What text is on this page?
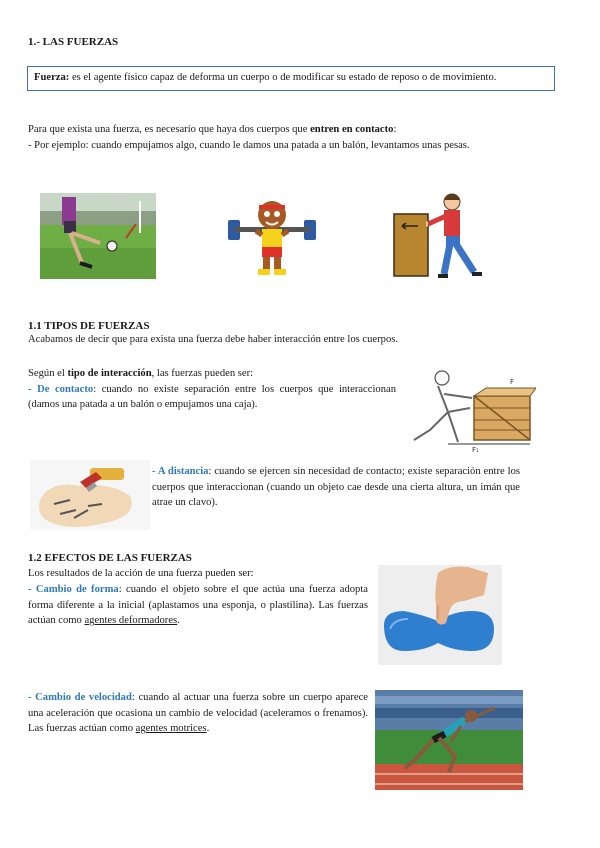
1.- LAS FUERZAS
Fuerza: es el agente físico capaz de deforma un cuerpo o de modificar su estado de reposo o de movimiento.
Para que exista una fuerza, es necesario que haya dos cuerpos que entren en contacto:
- Por ejemplo: cuando empujamos algo, cuando le damos una patada a un balón, levantamos unas pesas.
1.1 TIPOS DE FUERZAS
Acabamos de decir que para exista una fuerza debe haber interacción entre los cuerpos.
Según el tipo de interacción, las fuerzas pueden ser:
- De contacto: cuando no existe separación entre los cuerpos que interaccionan (damos una patada a un balón o empujamos una caja).
F
F₁
- A distancia: cuando se ejercen sin necesidad de contacto; existe separación entre los cuerpos que interaccionan (cuando un objeto cae desde una cierta altura, un imán que atrae un clavo).
1.2 EFECTOS DE LAS FUERZAS
Los resultados de la acción de una fuerza pueden ser:
- Cambio de forma: cuando el objeto sobre el que actúa una fuerza adopta forma diferente a la inicial (aplastamos una esponja, o plastilina). Las fuerzas actúan como agentes deformadores.
- Cambio de velocidad: cuando al actuar una fuerza sobre un cuerpo aparece una aceleración que ocasiona un cambio de velocidad (aceleramos o frenamos). Las fuerzas actúan como agentes motrices.
